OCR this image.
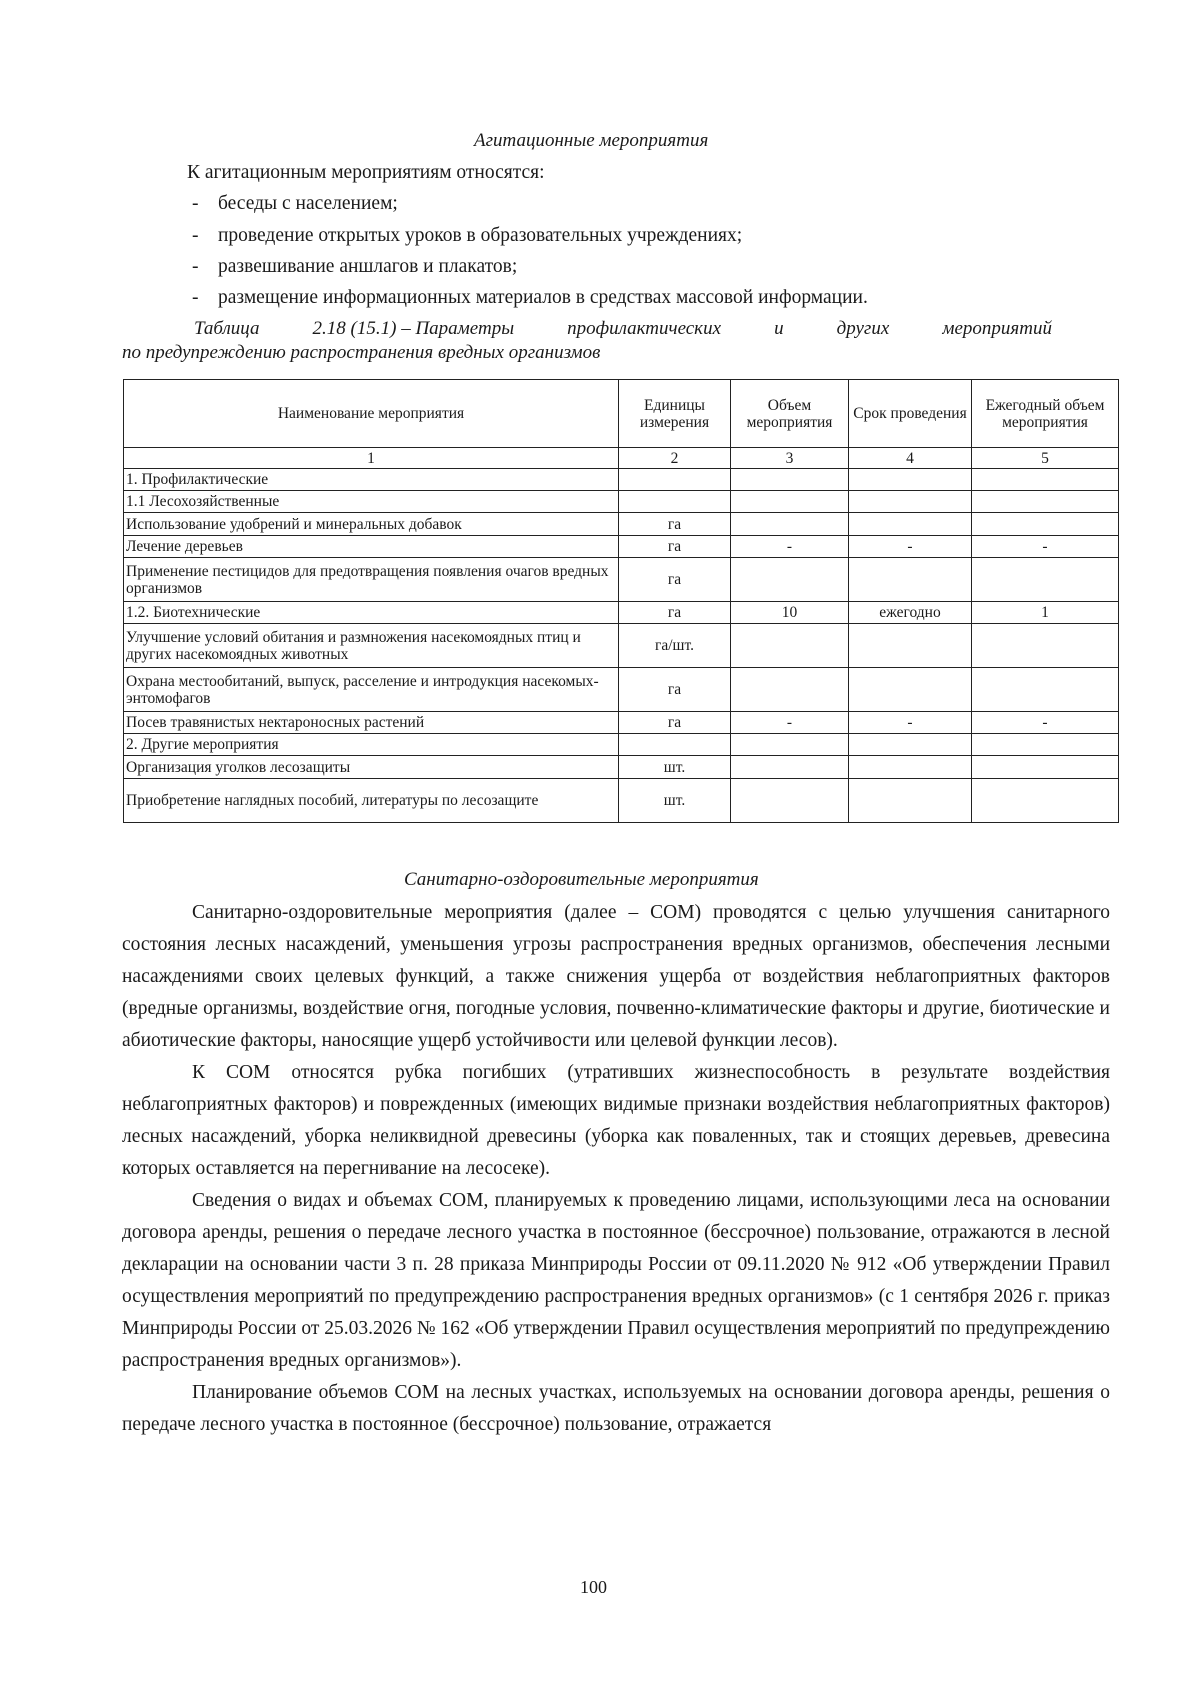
Агитационные мероприятия
К агитационным мероприятиям относятся:
- беседы с населением;
- проведение открытых уроков в образовательных учреждениях;
- развешивание аншлагов и плакатов;
- размещение информационных материалов в средствах массовой информации.
Таблица	2.18 (15.1) – Параметры	профилактических	и	других	мероприятий
по предупреждению распространения вредных организмов
Наименование мероприятия	Единицы измерения	Объем мероприятия	Срок проведения	Ежегодный объем мероприятия
1	2	3	4	5
1. Профилактические				
1.1 Лесохозяйственные				
Использование удобрений и минеральных добавок	га			
Лечение деревьев	га	-	-	-
Применение пестицидов для предотвращения появления очагов вредных организмов	га			
1.2. Биотехнические	га	10	ежегодно	1
Улучшение условий обитания и размножения насекомоядных птиц и других насекомоядных животных	га/шт.			
Охрана местообитаний, выпуск, расселение и интродукция насекомых-энтомофагов	га			
Посев травянистых нектароносных растений	га	-	-	-
2. Другие мероприятия				
Организация уголков лесозащиты	шт.			
Приобретение наглядных пособий, литературы по лесозащите	шт.			
Санитарно-оздоровительные мероприятия

Санитарно-оздоровительные мероприятия (далее – СОМ) проводятся с целью улучшения санитарного состояния лесных насаждений, уменьшения угрозы распространения вредных организмов, обеспечения лесными насаждениями своих целевых функций, а также снижения ущерба от воздействия неблагоприятных факторов (вредные организмы, воздействие огня, погодные условия, почвенно-климатические факторы и другие, биотические и абиотические факторы, наносящие ущерб устойчивости или целевой функции лесов).

К СОМ относятся рубка погибших (утративших жизнеспособность в результате воздействия неблагоприятных факторов) и поврежденных (имеющих видимые признаки воздействия неблагоприятных факторов) лесных насаждений, уборка неликвидной древесины (уборка как поваленных, так и стоящих деревьев, древесина которых оставляется на перегнивание на лесосеке).

Сведения о видах и объемах СОМ, планируемых к проведению лицами, использующими леса на основании договора аренды, решения о передаче лесного участка в постоянное (бессрочное) пользование, отражаются в лесной декларации на основании части 3 п. 28 приказа Минприроды России от 09.11.2020 № 912 «Об утверждении Правил осуществления мероприятий по предупреждению распространения вредных организмов» (с 1 сентября 2026 г. приказ Минприроды России от 25.03.2026 № 162 «Об утверждении Правил осуществления мероприятий по предупреждению распространения вредных организмов»).

Планирование объемов СОМ на лесных участках, используемых на основании договора аренды, решения о передаче лесного участка в постоянное (бессрочное) пользование, отражается

100
